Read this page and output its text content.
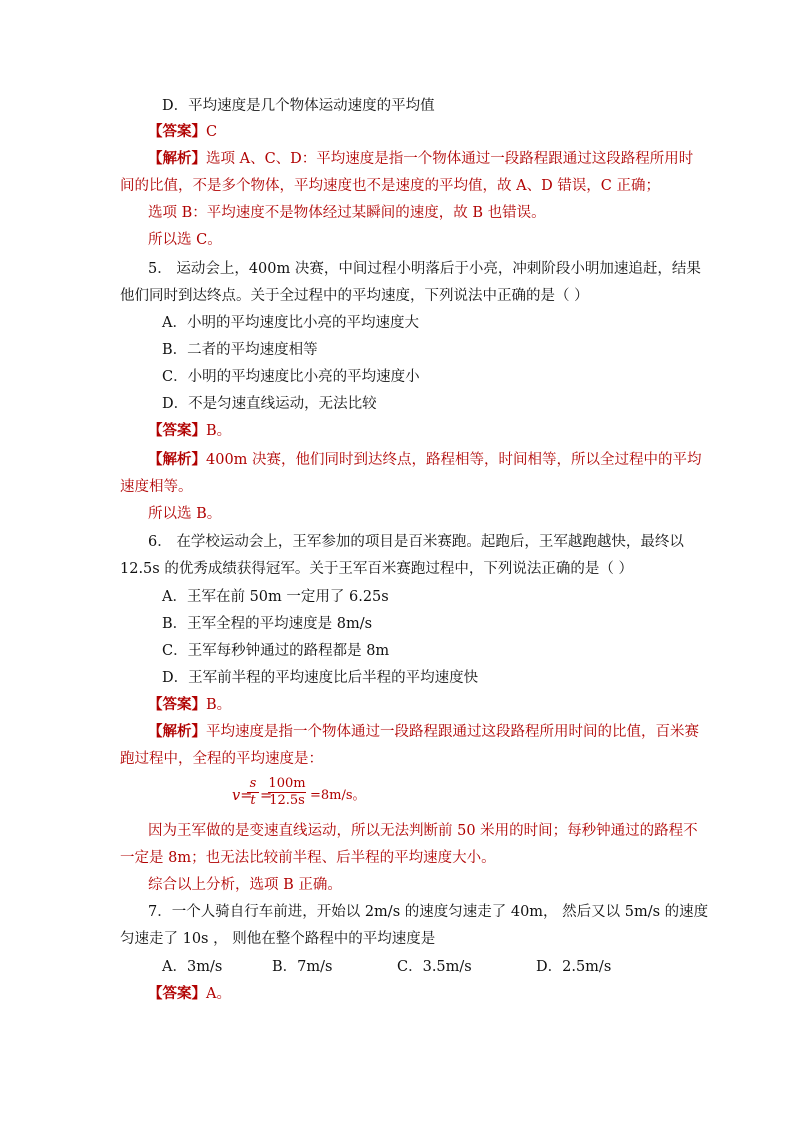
D．平均速度是几个物体运动速度的平均值
【答案】C
【解析】选项 A、C、D：平均速度是指一个物体通过一段路程跟通过这段路程所用时
间的比值，不是多个物体，平均速度也不是速度的平均值，故 A、D 错误，C 正确；
选项 B：平均速度不是物体经过某瞬间的速度，故 B 也错误。
所以选 C。
5． 运动会上，400m 决赛，中间过程小明落后于小亮，冲刺阶段小明加速追赶，结果
他们同时到达终点。关于全过程中的平均速度，下列说法中正确的是（ ）
A．小明的平均速度比小亮的平均速度大
B．二者的平均速度相等
C．小明的平均速度比小亮的平均速度小
D．不是匀速直线运动，无法比较
【答案】B。
【解析】400m 决赛，他们同时到达终点，路程相等，时间相等，所以全过程中的平均
速度相等。
所以选 B。
6． 在学校运动会上，王军参加的项目是百米赛跑。起跑后，王军越跑越快，最终以
12.5s 的优秀成绩获得冠军。关于王军百米赛跑过程中，下列说法正确的是（ ）
A．王军在前 50m 一定用了 6.25s
B．王军全程的平均速度是 8m/s
C．王军每秒钟通过的路程都是 8m
D．王军前半程的平均速度比后半程的平均速度快
【答案】B。
【解析】平均速度是指一个物体通过一段路程跟通过这段路程所用时间的比值，百米赛
跑过程中，全程的平均速度是：
v=
s
t =
100m
12.5s =8m/s。
因为王军做的是变速直线运动，所以无法判断前 50 米用的时间；每秒钟通过的路程不
一定是 8m；也无法比较前半程、后半程的平均速度大小。
综合以上分析，选项 B 正确。
7．一个人骑自行车前进，开始以 2m/s 的速度匀速走了 40m， 然后又以 5m/s 的速度
匀速走了 10s ， 则他在整个路程中的平均速度是
A．3m/s	B．7m/s	C．3.5m/s	D．2.5m/s
【答案】A。
